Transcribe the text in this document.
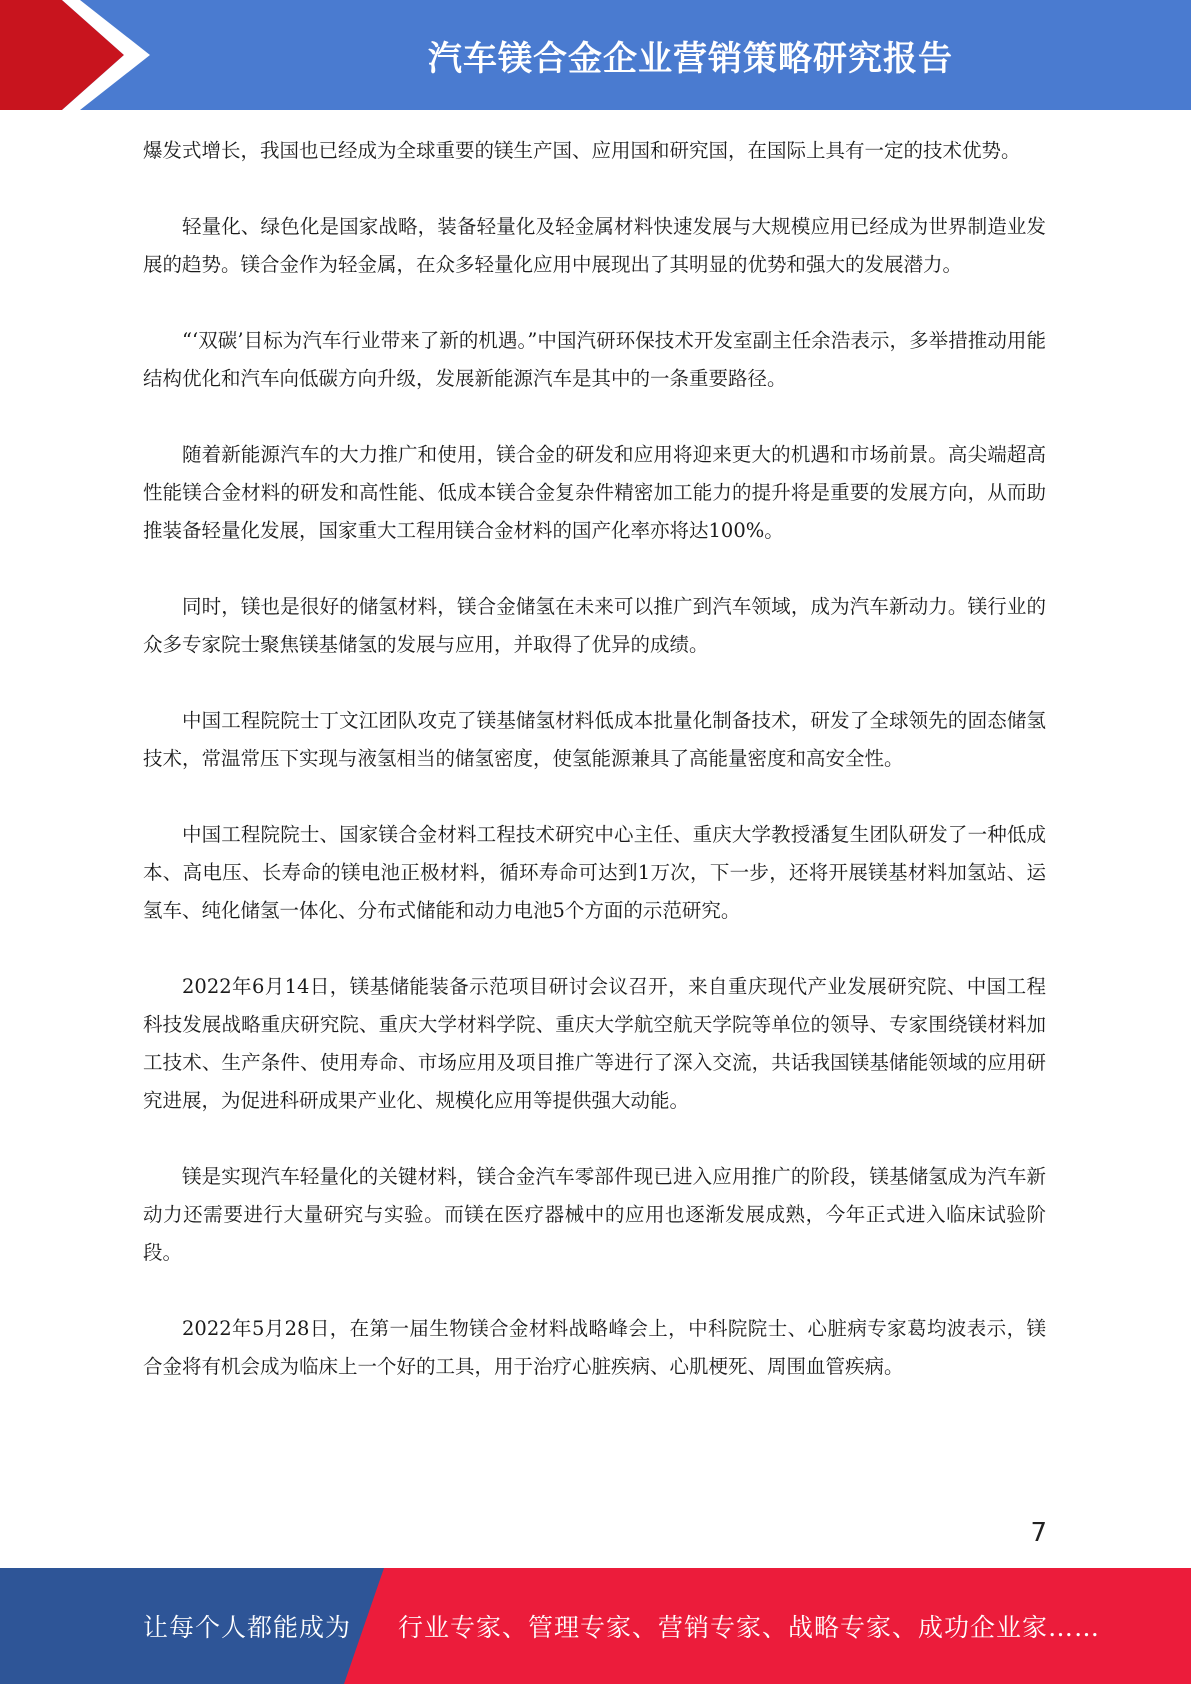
汽车镁合金企业营销策略研究报告

爆发式增长，我国也已经成为全球重要的镁生产国、应用国和研究国，在国际上具有一定的技术优势。

轻量化、绿色化是国家战略，装备轻量化及轻金属材料快速发展与大规模应用已经成为世界制造业发展的趋势。镁合金作为轻金属，在众多轻量化应用中展现出了其明显的优势和强大的发展潜力。

“‘双碳’目标为汽车行业带来了新的机遇。”中国汽研环保技术开发室副主任余浩表示，多举措推动用能结构优化和汽车向低碳方向升级，发展新能源汽车是其中的一条重要路径。

随着新能源汽车的大力推广和使用，镁合金的研发和应用将迎来更大的机遇和市场前景。高尖端超高性能镁合金材料的研发和高性能、低成本镁合金复杂件精密加工能力的提升将是重要的发展方向，从而助推装备轻量化发展，国家重大工程用镁合金材料的国产化率亦将达100%。

同时，镁也是很好的储氢材料，镁合金储氢在未来可以推广到汽车领域，成为汽车新动力。镁行业的众多专家院士聚焦镁基储氢的发展与应用，并取得了优异的成绩。

中国工程院院士丁文江团队攻克了镁基储氢材料低成本批量化制备技术，研发了全球领先的固态储氢技术，常温常压下实现与液氢相当的储氢密度，使氢能源兼具了高能量密度和高安全性。

中国工程院院士、国家镁合金材料工程技术研究中心主任、重庆大学教授潘复生团队研发了一种低成本、高电压、长寿命的镁电池正极材料，循环寿命可达到1万次，下一步，还将开展镁基材料加氢站、运氢车、纯化储氢一体化、分布式储能和动力电池5个方面的示范研究。

2022年6月14日，镁基储能装备示范项目研讨会议召开，来自重庆现代产业发展研究院、中国工程科技发展战略重庆研究院、重庆大学材料学院、重庆大学航空航天学院等单位的领导、专家围绕镁材料加工技术、生产条件、使用寿命、市场应用及项目推广等进行了深入交流，共话我国镁基储能领域的应用研究进展，为促进科研成果产业化、规模化应用等提供强大动能。

镁是实现汽车轻量化的关键材料，镁合金汽车零部件现已进入应用推广的阶段，镁基储氢成为汽车新动力还需要进行大量研究与实验。而镁在医疗器械中的应用也逐渐发展成熟，今年正式进入临床试验阶段。

2022年5月28日，在第一届生物镁合金材料战略峰会上，中科院院士、心脏病专家葛均波表示，镁合金将有机会成为临床上一个好的工具，用于治疗心脏疾病、心肌梗死、周围血管疾病。

7
让每个人都能成为 行业专家、管理专家、营销专家、战略专家、成功企业家……
